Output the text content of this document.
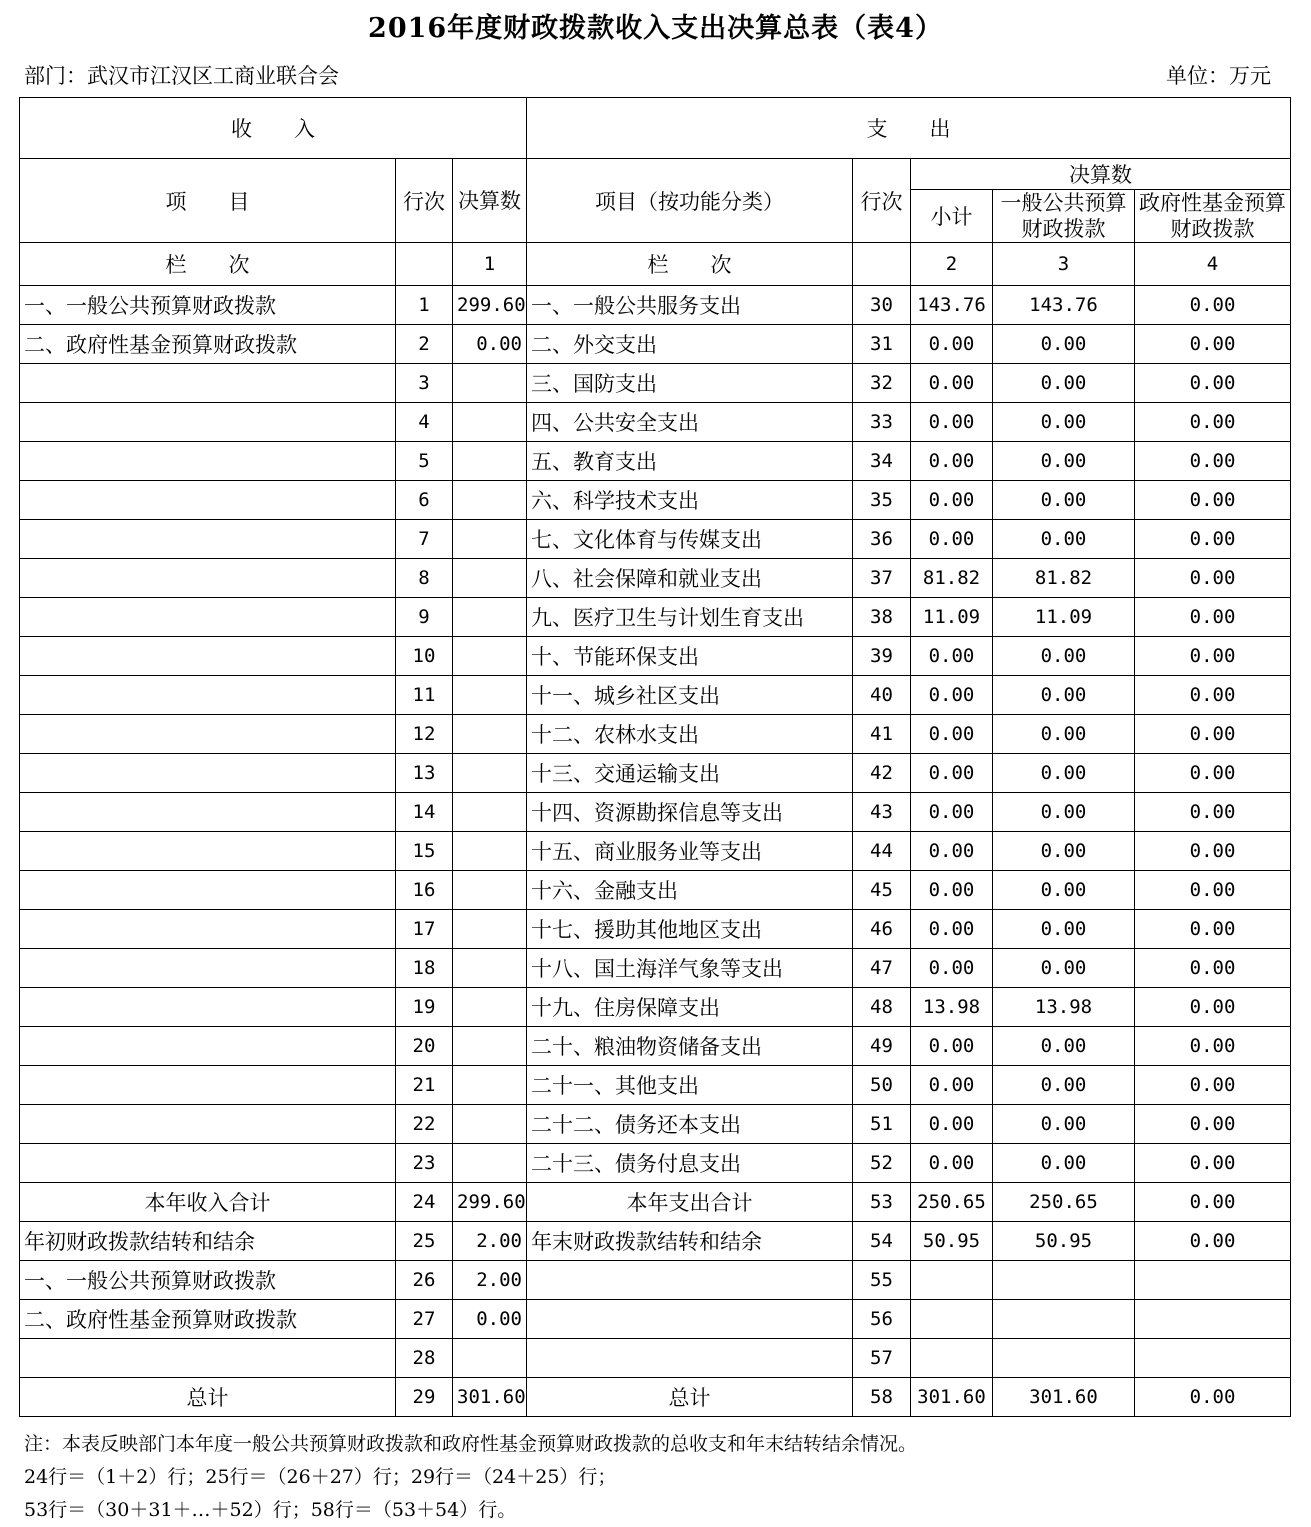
2016年度财政拨款收入支出决算总表（表4）
部门：武汉市江汉区工商业联合会	单位：万元
收　　入			支　　出				
项　　目	行次	决算数	项目（按功能分类）	行次	决算数		
					小计	一般公共预算财政拨款	政府性基金预算财政拨款
栏　　次		1	栏　　次		2	3	4
一、一般公共预算财政拨款	1	299.60	一、一般公共服务支出	30	143.76	143.76	0.00
二、政府性基金预算财政拨款	2	0.00	二、外交支出	31	0.00	0.00	0.00
	3		三、国防支出	32	0.00	0.00	0.00
	4		四、公共安全支出	33	0.00	0.00	0.00
	5		五、教育支出	34	0.00	0.00	0.00
	6		六、科学技术支出	35	0.00	0.00	0.00
	7		七、文化体育与传媒支出	36	0.00	0.00	0.00
	8		八、社会保障和就业支出	37	81.82	81.82	0.00
	9		九、医疗卫生与计划生育支出	38	11.09	11.09	0.00
	10		十、节能环保支出	39	0.00	0.00	0.00
	11		十一、城乡社区支出	40	0.00	0.00	0.00
	12		十二、农林水支出	41	0.00	0.00	0.00
	13		十三、交通运输支出	42	0.00	0.00	0.00
	14		十四、资源勘探信息等支出	43	0.00	0.00	0.00
	15		十五、商业服务业等支出	44	0.00	0.00	0.00
	16		十六、金融支出	45	0.00	0.00	0.00
	17		十七、援助其他地区支出	46	0.00	0.00	0.00
	18		十八、国土海洋气象等支出	47	0.00	0.00	0.00
	19		十九、住房保障支出	48	13.98	13.98	0.00
	20		二十、粮油物资储备支出	49	0.00	0.00	0.00
	21		二十一、其他支出	50	0.00	0.00	0.00
	22		二十二、债务还本支出	51	0.00	0.00	0.00
	23		二十三、债务付息支出	52	0.00	0.00	0.00
本年收入合计	24	299.60	本年支出合计	53	250.65	250.65	0.00
年初财政拨款结转和结余	25	2.00	年末财政拨款结转和结余	54	50.95	50.95	0.00
一、一般公共预算财政拨款	26	2.00		55			
二、政府性基金预算财政拨款	27	0.00		56			
	28			57			
总计	29	301.60	总计	58	301.60	301.60	0.00
注：本表反映部门本年度一般公共预算财政拨款和政府性基金预算财政拨款的总收支和年末结转结余情况。
24行＝（1＋2）行；25行＝（26＋27）行；29行＝（24＋25）行；
53行＝（30＋31＋…＋52）行；58行＝（53＋54）行。
